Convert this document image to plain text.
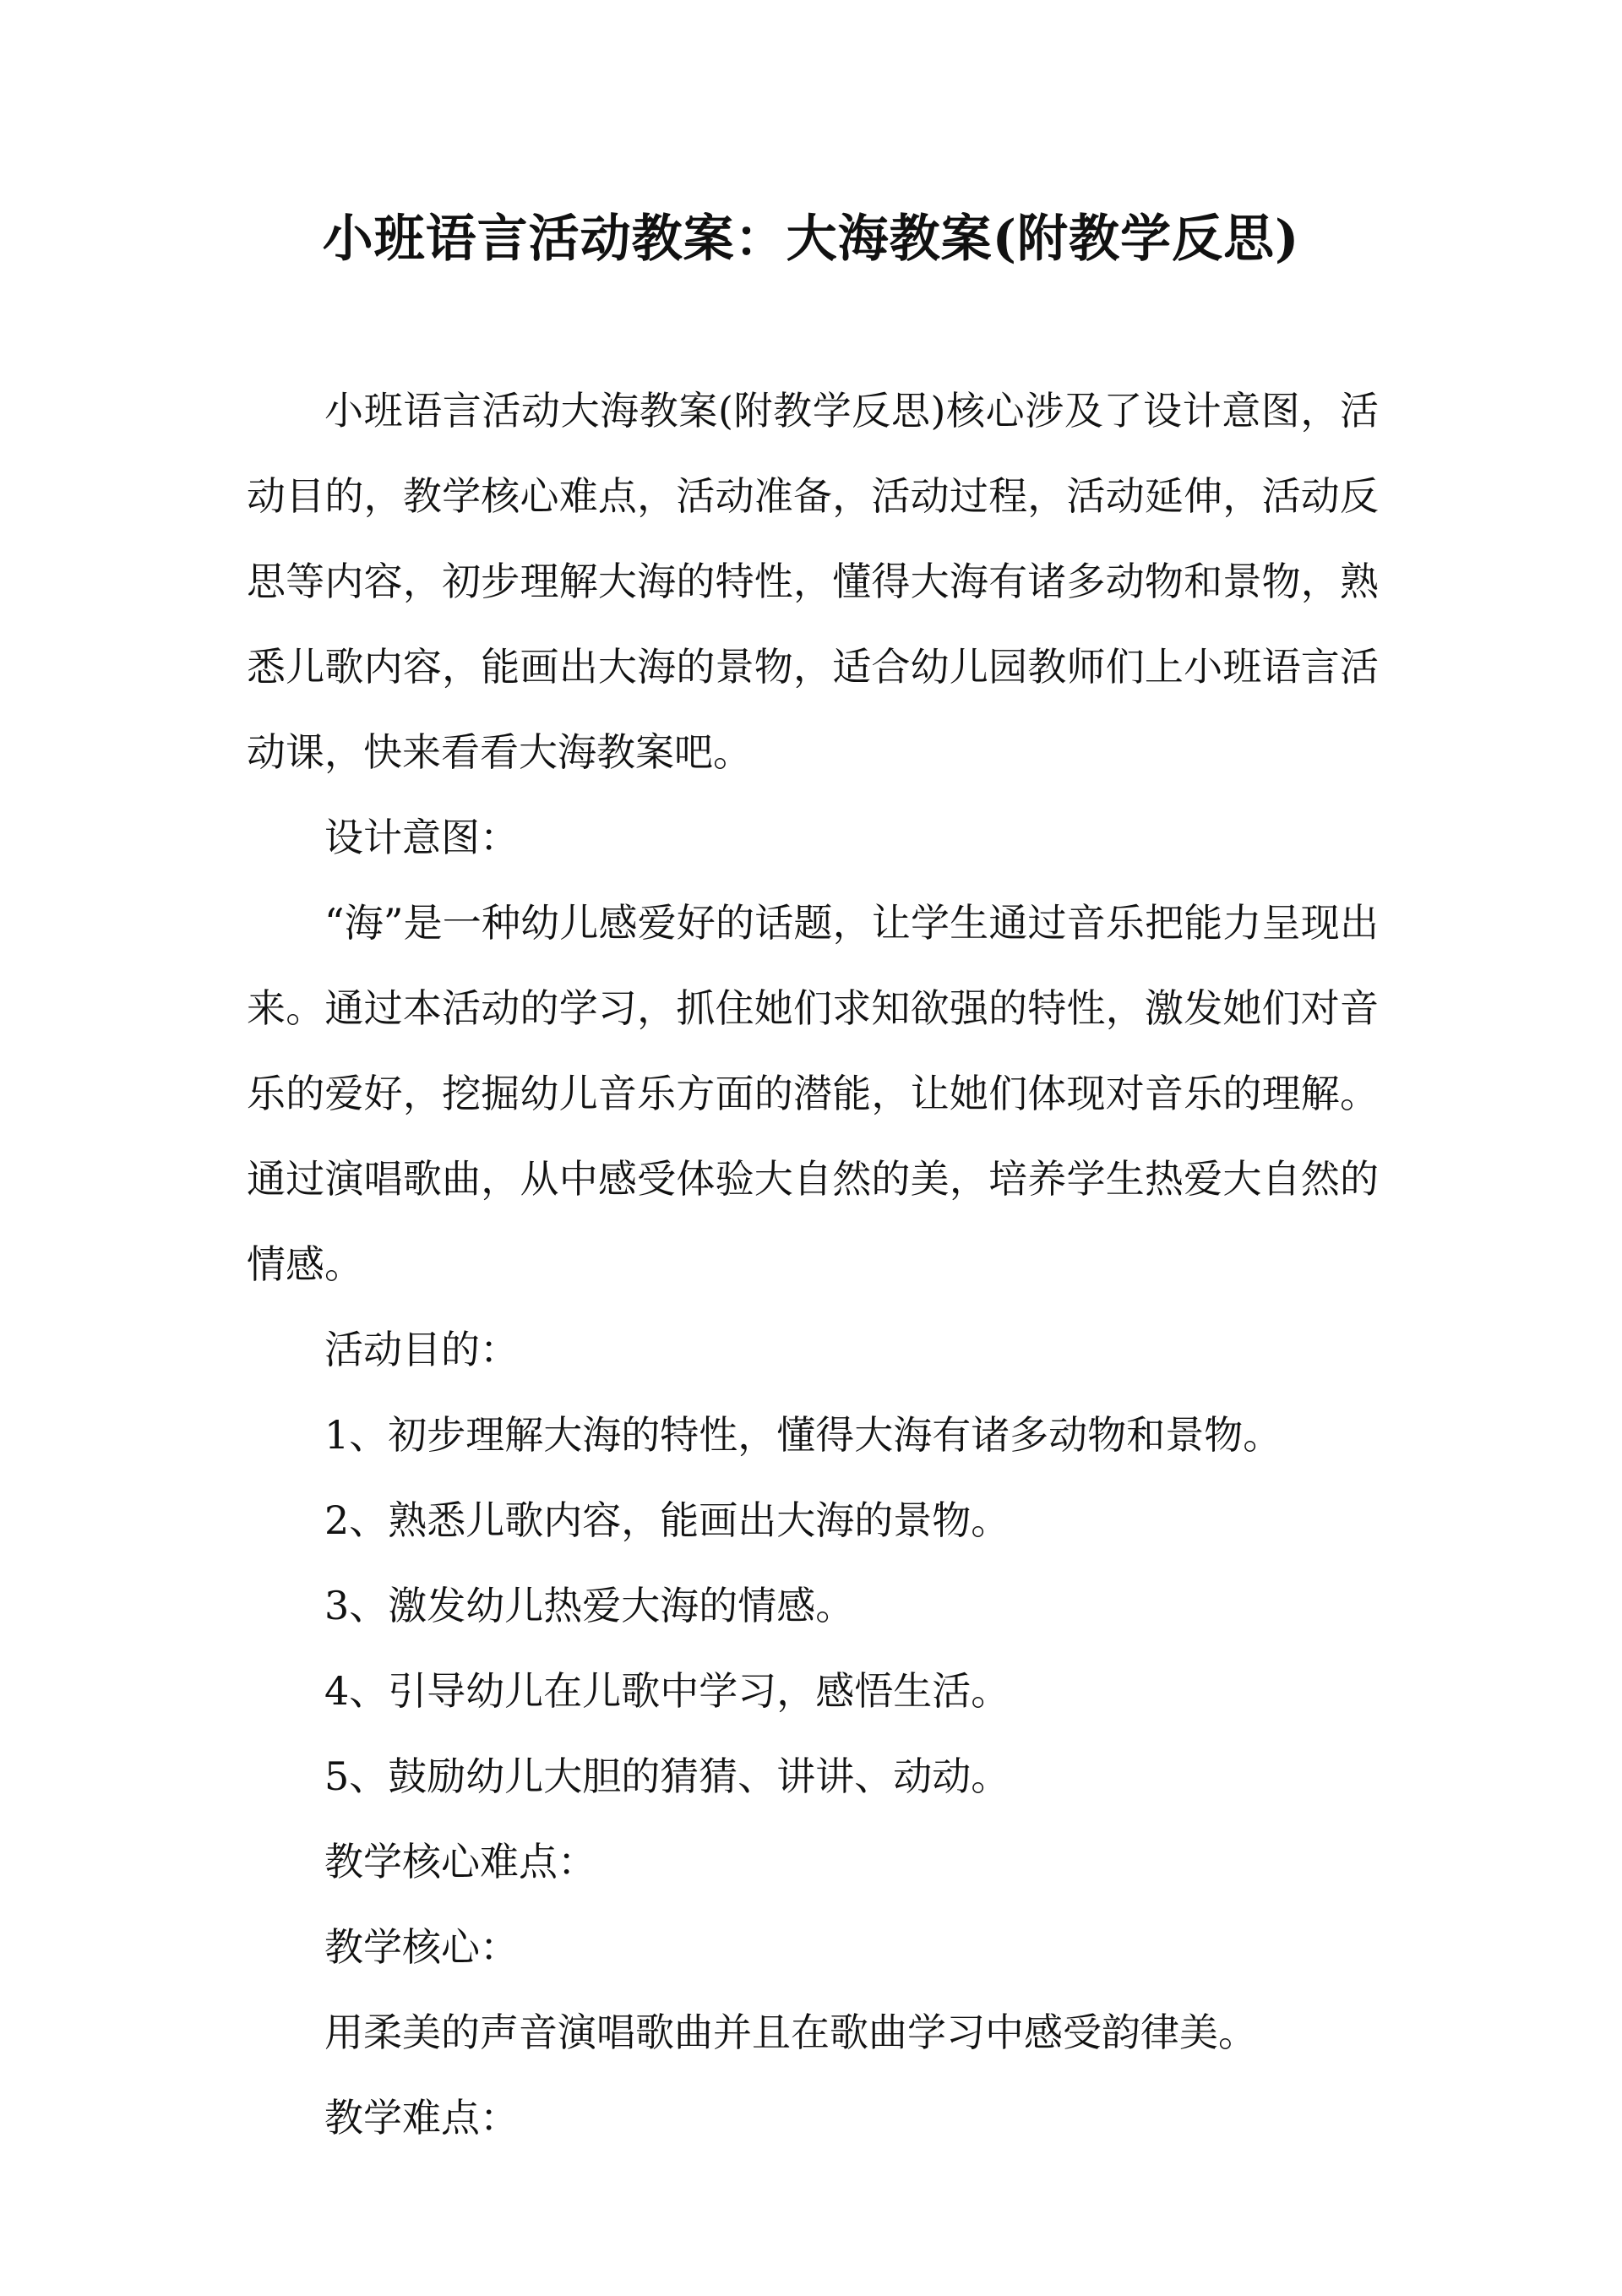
小班语言活动教案：大海教案(附教学反思)

小班语言活动大海教案(附教学反思)核心涉及了设计意图，活动目的，教学核心难点，活动准备，活动过程，活动延伸，活动反思等内容，初步理解大海的特性，懂得大海有诸多动物和景物，熟悉儿歌内容，能画出大海的景物，适合幼儿园教师们上小班语言活动课，快来看看大海教案吧。

设计意图：

“海”是一种幼儿感爱好的话题，让学生通过音乐把能力呈现出来。通过本活动的学习，抓住她们求知欲强的特性，激发她们对音乐的爱好，挖掘幼儿音乐方面的潜能，让她们体现对音乐的理解。通过演唱歌曲，从中感受体验大自然的美，培养学生热爱大自然的情感。

活动目的：

1、初步理解大海的特性，懂得大海有诸多动物和景物。

2、熟悉儿歌内容，能画出大海的景物。

3、激发幼儿热爱大海的情感。

4、引导幼儿在儿歌中学习，感悟生活。

5、鼓励幼儿大胆的猜猜、讲讲、动动。

教学核心难点：

教学核心：

用柔美的声音演唱歌曲并且在歌曲学习中感受韵律美。

教学难点：
